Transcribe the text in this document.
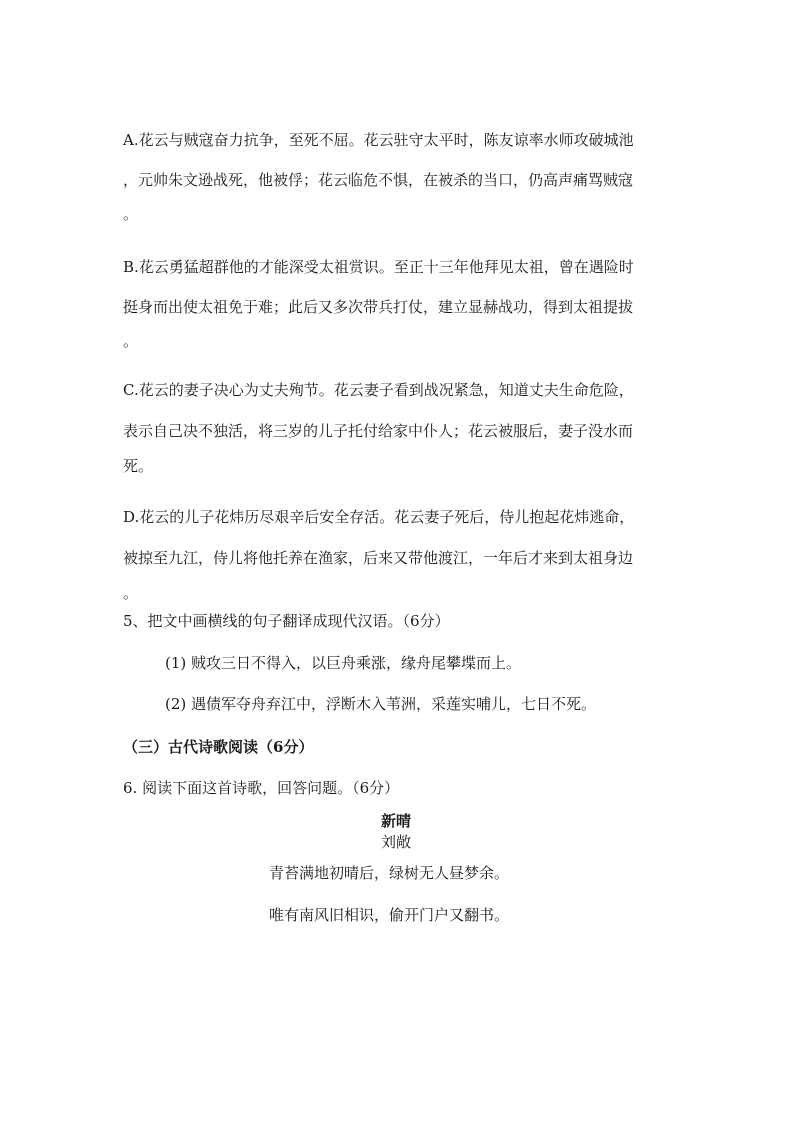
A.花云与贼寇奋力抗争，至死不屈。花云驻守太平时，陈友谅率水师攻破城池
，元帅朱文逊战死，他被俘；花云临危不惧，在被杀的当口，仍高声痛骂贼寇
。
B.花云勇猛超群他的才能深受太祖赏识。至正十三年他拜见太祖，曾在遇险时
挺身而出使太祖免于难；此后又多次带兵打仗，建立显赫战功，得到太祖提拔
。
C.花云的妻子决心为丈夫殉节。花云妻子看到战况紧急，知道丈夫生命危险，
表示自己决不独活，将三岁的儿子托付给家中仆人；花云被服后，妻子没水而
死。
D.花云的儿子花炜历尽艰辛后安全存活。花云妻子死后，侍儿抱起花炜逃命，
被掠至九江，侍儿将他托养在渔家，后来又带他渡江，一年后才来到太祖身边
。
5、把文中画横线的句子翻译成现代汉语。（6分）
(1) 贼攻三日不得入，以巨舟乘涨，缘舟尾攀堞而上。
(2) 遇债军夺舟弃江中，浮断木入苇洲，采莲实哺儿，七日不死。
（三）古代诗歌阅读（6分）
6. 阅读下面这首诗歌，回答问题。（6分）
新晴
刘敞
青苔满地初晴后，绿树无人昼梦余。
唯有南风旧相识，偷开门户又翻书。
